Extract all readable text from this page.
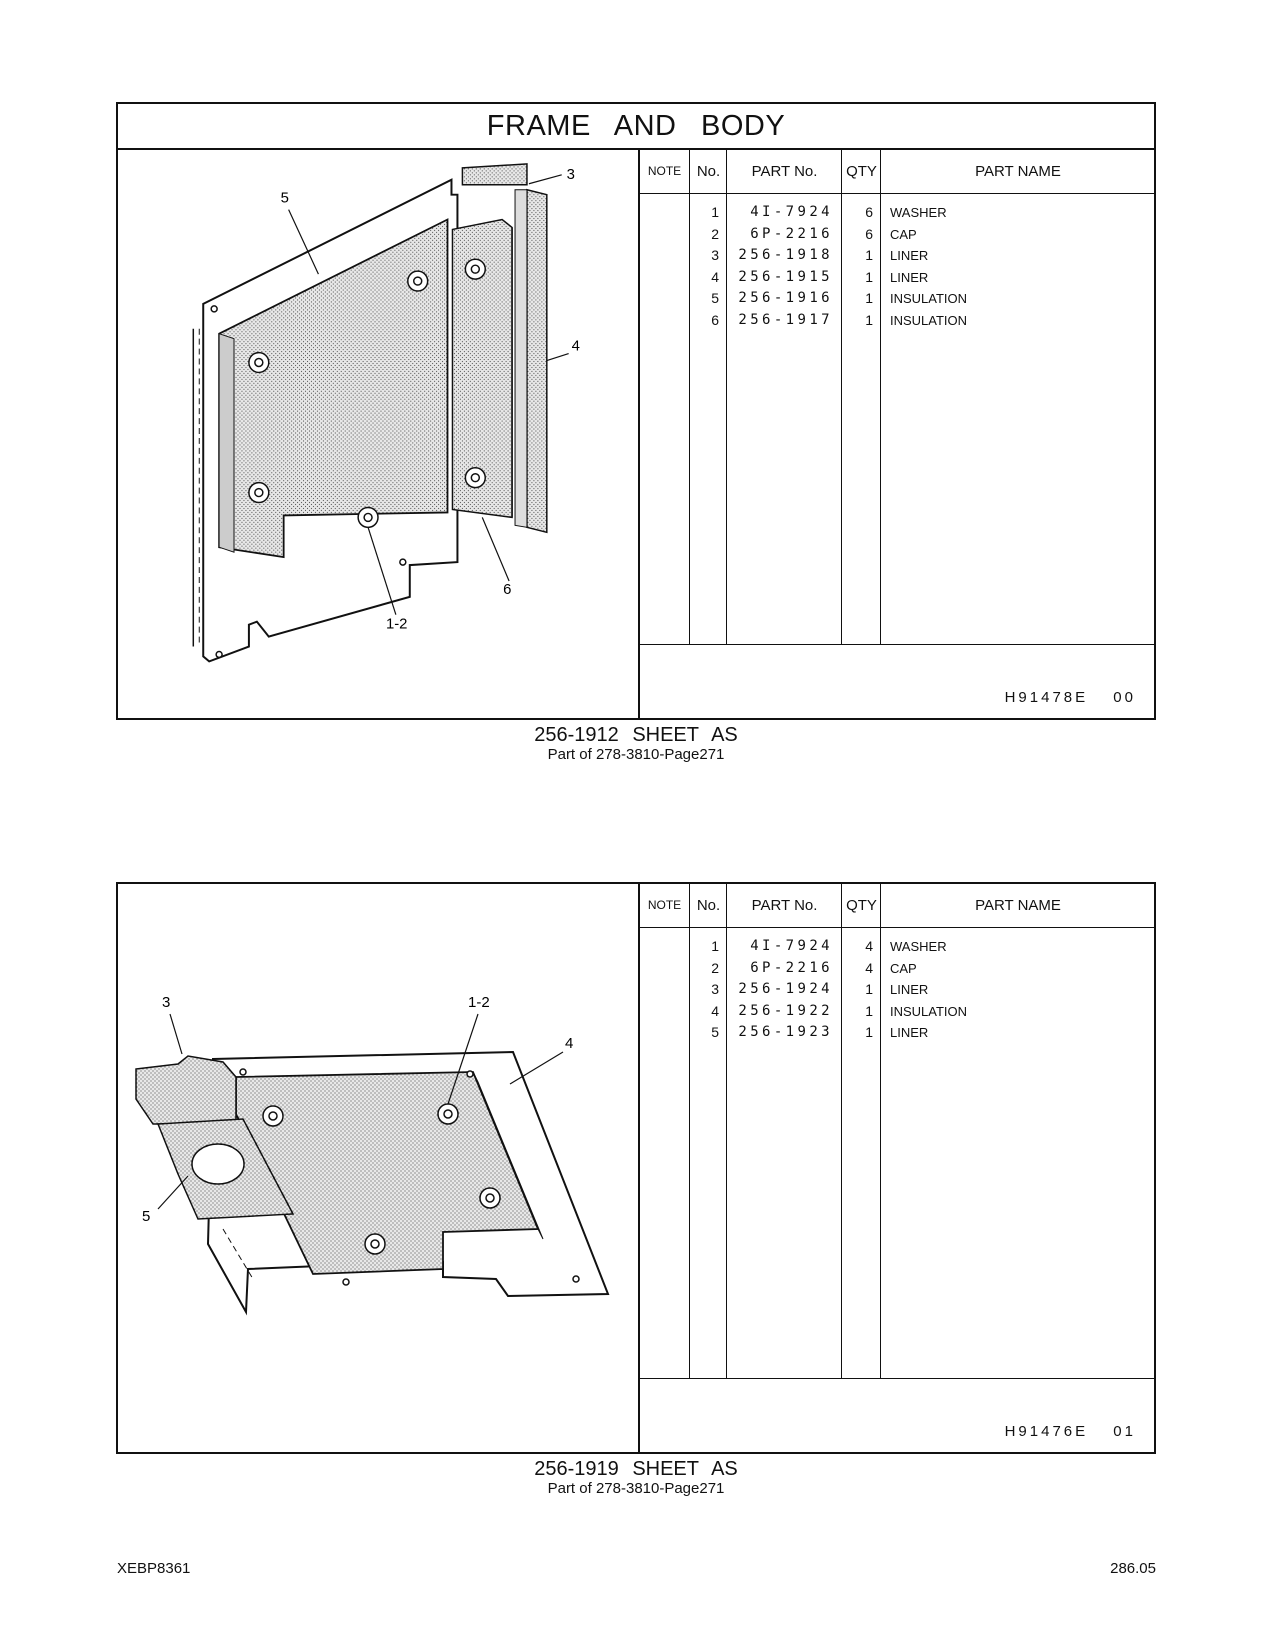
FRAME AND BODY
5
3
4
6
1-2
NOTE	No.	PART No.	QTY	PART NAME
1	4I-7924	6 WASHER
2	6P-2216	6 CAP
3	256-1918	1 LINER
4	256-1915	1 LINER
5	256-1916	1 INSULATION
6	256-1917	1 INSULATION
H91478E 00
256-1912 SHEET AS
Part of 278-3810-Page271
3	1-2
4
5
NOTE	No.	PART No.	QTY	PART NAME
1	4I-7924	4 WASHER
2	6P-2216	4 CAP
3	256-1924	1 LINER
4	256-1922	1 INSULATION
5	256-1923	1 LINER
H91476E 01
256-1919 SHEET AS
Part of 278-3810-Page271
XEBP8361	286.05
